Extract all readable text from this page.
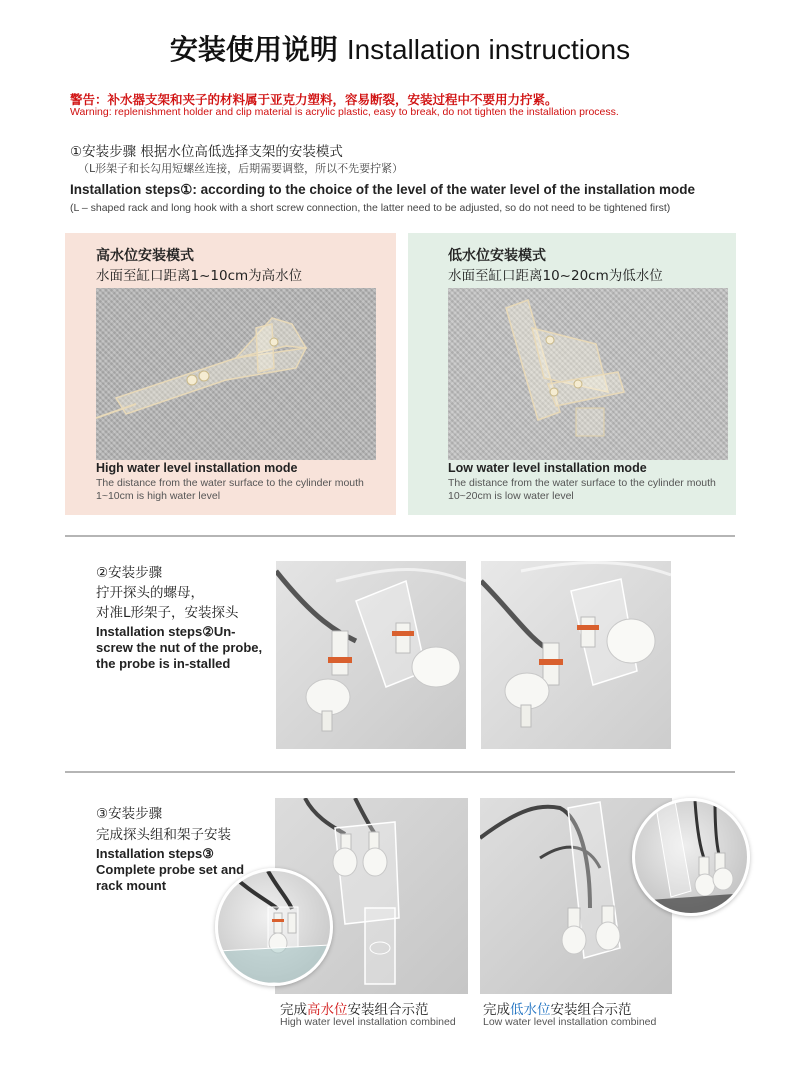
安装使用说明 Installation instructions
警告：补水器支架和夹子的材料属于亚克力塑料，容易断裂，安装过程中不要用力拧紧。
Warning: replenishment holder and clip material is acrylic plastic, easy to break, do not tighten the installation process.
①安装步骤 根据水位高低选择支架的安装模式
（L形架子和长勾用短螺丝连接，后期需要调整，所以不先要拧紧）
Installation steps①: according to the choice of the level of the water level of the installation mode
(L – shaped rack and long hook with a short screw connection, the latter need to be adjusted, so do not need to be tightened first)
高水位安装模式
水面至缸口距离1~10cm为高水位
High water level installation mode
The distance from the water surface to the cylinder mouth 1~10cm is high water level
低水位安装模式
水面至缸口距离10~20cm为低水位
Low water level installation mode
The distance from the water surface to the cylinder mouth 10~20cm is low water level
②安装步骤
拧开探头的螺母，
对准L形架子，安装探头
Installation steps②Un-screw the nut of the probe, the probe is in-stalled
③安装步骤
完成探头组和架子安装
Installation steps③ Complete probe set and rack mount
完成高水位安装组合示范
High water level installation combined
完成低水位安装组合示范
Low water level installation combined
